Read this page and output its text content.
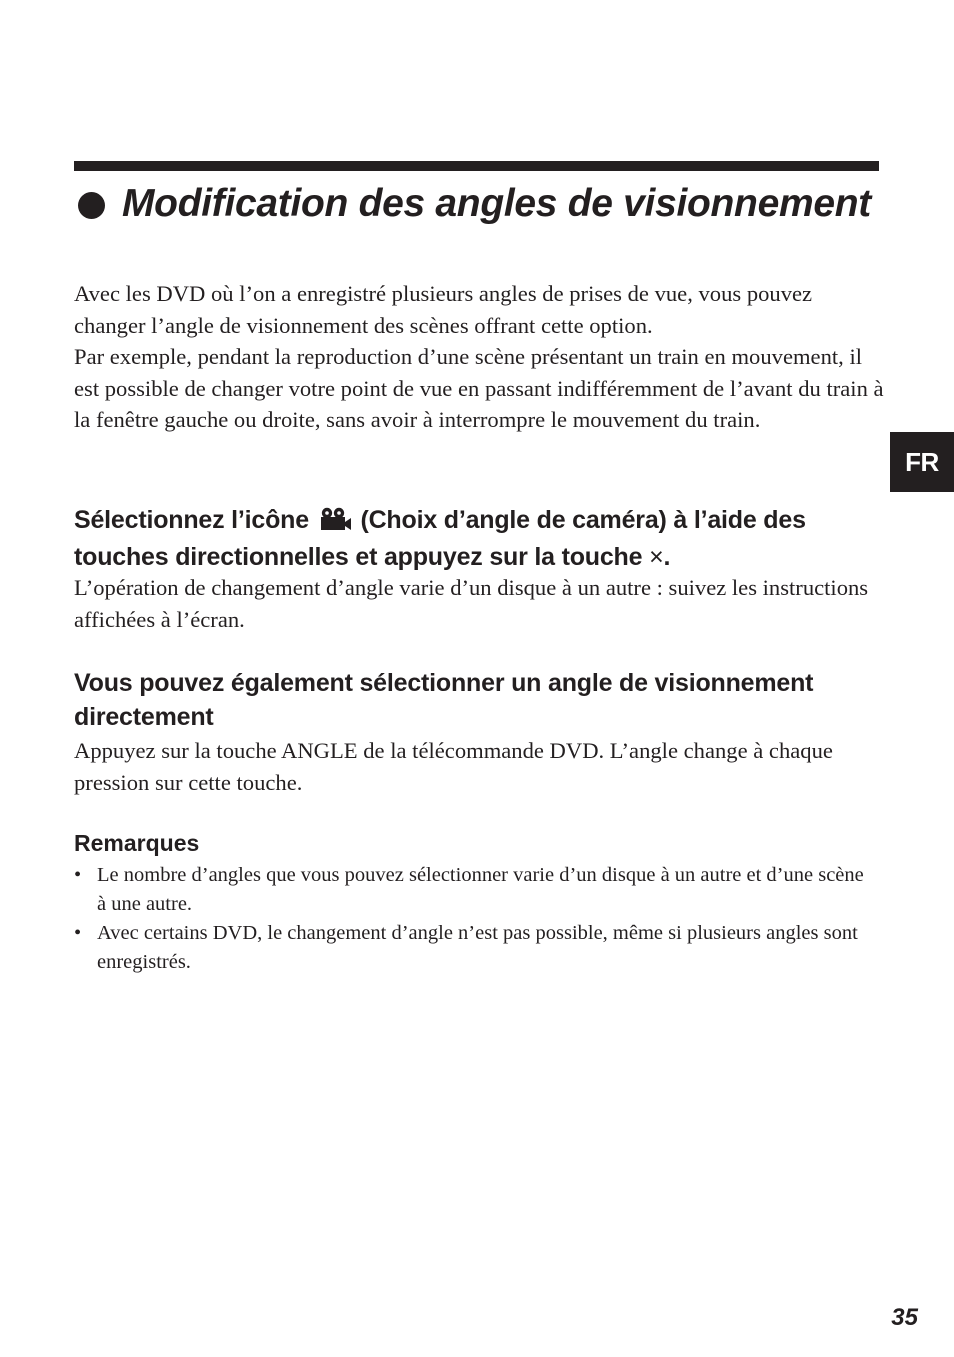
Modification des angles de visionnement

Avec les DVD où l’on a enregistré plusieurs angles de prises de vue, vous pouvez changer l’angle de visionnement des scènes offrant cette option.

Par exemple, pendant la reproduction d’une scène présentant un train en mouvement, il est possible de changer votre point de vue en passant indifféremment de l’avant du train à la fenêtre gauche ou droite, sans avoir à interrompre le mouvement du train.

Sélectionnez l’icône (Choix d’angle de caméra) à l’aide des touches directionnelles et appuyez sur la touche ×.

L’opération de changement d’angle varie d’un disque à un autre : suivez les instructions affichées à l’écran.

Vous pouvez également sélectionner un angle de visionnement directement

Appuyez sur la touche ANGLE de la télécommande DVD. L’angle change à chaque pression sur cette touche.

Remarques
• Le nombre d’angles que vous pouvez sélectionner varie d’un disque à un autre et d’une scène à une autre.
• Avec certains DVD, le changement d’angle n’est pas possible, même si plusieurs angles sont enregistrés.
FR
35
